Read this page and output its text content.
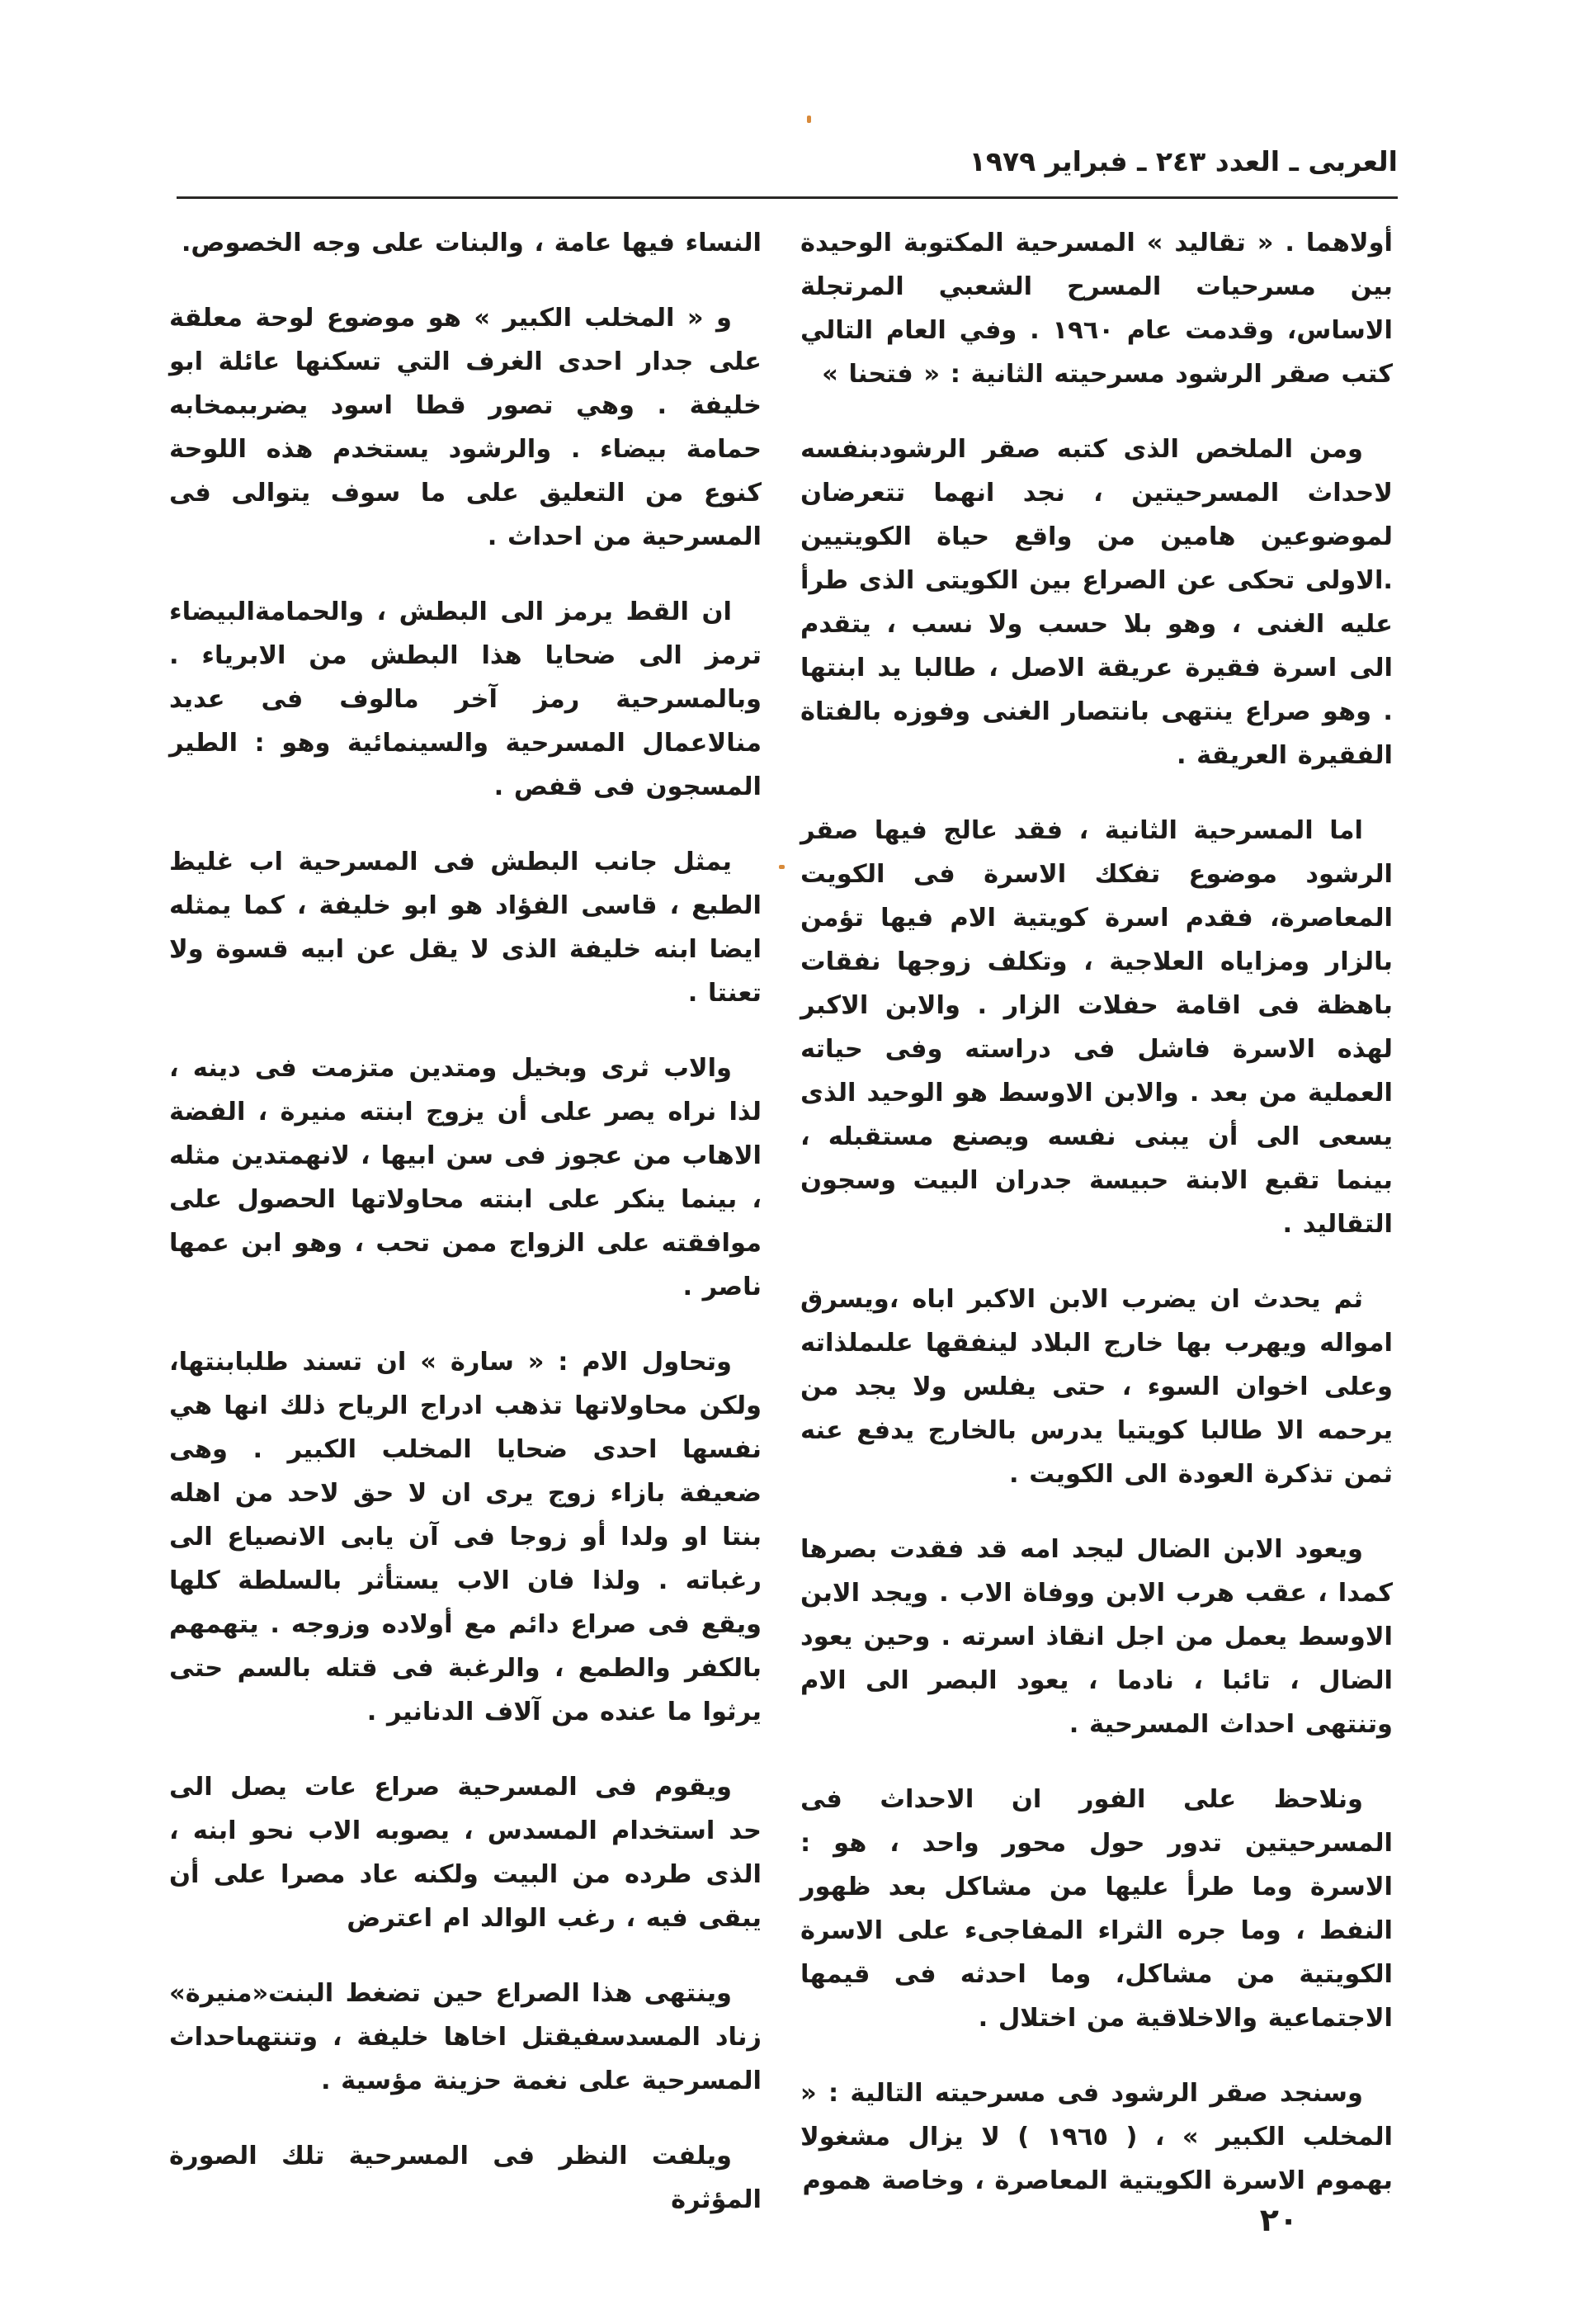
العربى ـ العدد ٢٤٣ ـ فبراير ١٩٧٩

أولاهما . « تقاليد » المسرحية المكتوبة الوحيدة بين مسرحيات المسرح الشعبي المرتجلة الاساس، وقدمت عام ١٩٦٠ . وفي العام التالي كتب صقر الرشود مسرحيته الثانية : « فتحنا »

ومن الملخص الذى كتبه صقر الرشودبنفسه لاحداث المسرحيتين ، نجد انهما تتعرضان لموضوعين هامين من واقع حياة الكويتيين .الاولى تحكى عن الصراع بين الكويتى الذى طرأ عليه الغنى ، وهو بلا حسب ولا نسب ، يتقدم الى اسرة فقيرة عريقة الاصل ، طالبا يد ابنتها . وهو صراع ينتهى بانتصار الغنى وفوزه بالفتاة الفقيرة العريقة .

اما المسرحية الثانية ، فقد عالج فيها صقر الرشود موضوع تفكك الاسرة فى الكويت المعاصرة، فقدم اسرة كويتية الام فيها تؤمن بالزار ومزاياه العلاجية ، وتكلف زوجها نفقات باهظة فى اقامة حفلات الزار . والابن الاكبر لهذه الاسرة فاشل فى دراسته وفى حياته العملية من بعد . والابن الاوسط هو الوحيد الذى يسعى الى أن يبنى نفسه ويصنع مستقبله ، بينما تقبع الابنة حبيسة جدران البيت وسجون التقاليد .

ثم يحدث ان يضرب الابن الاكبر اباه ،ويسرق امواله ويهرب بها خارج البلاد لينفقها علىملذاته وعلى اخوان السوء ، حتى يفلس ولا يجد من يرحمه الا طالبا كويتيا يدرس بالخارج يدفع عنه ثمن تذكرة العودة الى الكويت .

ويعود الابن الضال ليجد امه قد فقدت بصرها كمدا ، عقب هرب الابن ووفاة الاب . ويجد الابن الاوسط يعمل من اجل انقاذ اسرته . وحين يعود الضال ، تائبا ، نادما ، يعود البصر الى الام وتنتهى احداث المسرحية .

ونلاحظ على الفور ان الاحداث فى المسرحيتين تدور حول محور واحد ، هو : الاسرة وما طرأ عليها من مشاكل بعد ظهور النفط ، وما جره الثراء المفاجىء على الاسرة الكويتية من مشاكل، وما احدثه فى قيمها الاجتماعية والاخلاقية من اختلال .

وسنجد صقر الرشود فى مسرحيته التالية : « المخلب الكبير » ، ( ١٩٦٥ ) لا يزال مشغولا بهموم الاسرة الكويتية المعاصرة ، وخاصة هموم

النساء فيها عامة ، والبنات على وجه الخصوص.

و « المخلب الكبير » هو موضوع لوحة معلقة على جدار احدى الغرف التي تسكنها عائلة ابو خليفة . وهي تصور قطا اسود يضرببمخابه حمامة بيضاء . والرشود يستخدم هذه اللوحة كنوع من التعليق على ما سوف يتوالى فى المسرحية من احداث .

ان القط يرمز الى البطش ، والحمامةالبيضاء ترمز الى ضحايا هذا البطش من الابرياء . وبالمسرحية رمز آخر مالوف فى عديد منالاعمال المسرحية والسينمائية وهو : الطير المسجون فى قفص .

يمثل جانب البطش فى المسرحية اب غليظ الطبع ، قاسى الفؤاد هو ابو خليفة ، كما يمثله ايضا ابنه خليفة الذى لا يقل عن ابيه قسوة ولا تعنتا .

والاب ثرى وبخيل ومتدين متزمت فى دينه ، لذا نراه يصر على أن يزوج ابنته منيرة ، الفضة الاهاب من عجوز فى سن ابيها ، لانهمتدين مثله ، بينما ينكر على ابنته محاولاتها الحصول على موافقته على الزواج ممن تحب ، وهو ابن عمها ناصر .

وتحاول الام : « سارة » ان تسند طلبابنتها، ولكن محاولاتها تذهب ادراج الرياح ذلك انها هي نفسها احدى ضحايا المخلب الكبير . وهى ضعيفة بازاء زوج يرى ان لا حق لاحد من اهله بنتا او ولدا أو زوجا فى آن يابى الانصياع الى رغباته . ولذا فان الاب يستأثر بالسلطة كلها ويقع فى صراع دائم مع أولاده وزوجه . يتهمهم بالكفر والطمع ، والرغبة فى قتله بالسم حتى يرثوا ما عنده من آلاف الدنانير .

ويقوم فى المسرحية صراع عات يصل الى حد استخدام المسدس ، يصوبه الاب نحو ابنه ، الذى طرده من البيت ولكنه عاد مصرا على أن يبقى فيه ، رغب الوالد ام اعترض

وينتهى هذا الصراع حين تضغط البنت«منيرة» زناد المسدسفيقتل اخاها خليفة ، وتنتهىاحداث المسرحية على نغمة حزينة مؤسية .

ويلفت النظر فى المسرحية تلك الصورة المؤثرة

٢٠
